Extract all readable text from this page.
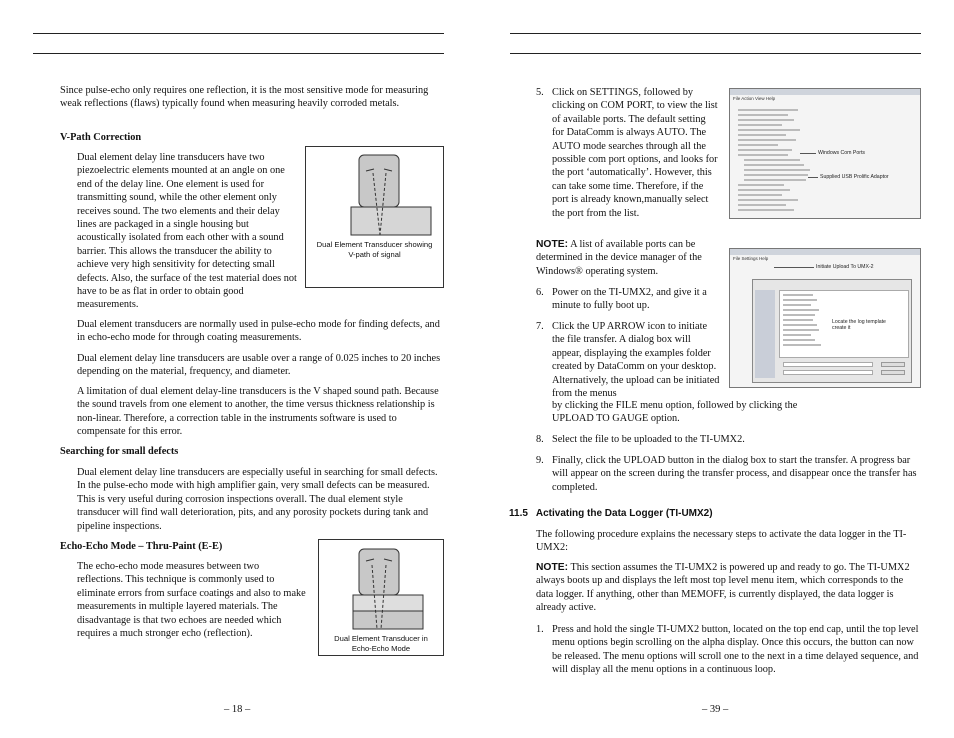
Since pulse-echo only requires one reflection, it is the most sensitive mode for measuring weak reflections (flaws) typically found when measuring heavily corroded metals.

V-Path Correction

Dual element delay line transducers have two piezoelectric elements mounted at an angle on one end of the delay line. One element is used for transmitting sound, while the other element only receives sound. The two elements and their delay lines are packaged in a single housing but acoustically isolated from each other with a sound barrier. This allows the transducer the ability to achieve very high sensitivity for detecting small defects. Also, the surface of the test material does not have to be as flat in order to obtain good measurements.

Dual Element Transducer showing
V-path of signal

Dual element transducers are normally used in pulse-echo mode for finding defects, and in echo-echo mode for through coating measurements.

Dual element delay line transducers are usable over a range of 0.025 inches to 20 inches depending on the material, frequency, and diameter.

A limitation of dual element delay-line transducers is the V shaped sound path. Because the sound travels from one element to another, the time versus thickness relationship is non-linear. Therefore, a correction table in the instruments software is used to compensate for this error.

Searching for small defects

Dual element delay line transducers are especially useful in searching for small defects. In the pulse-echo mode with high amplifier gain, very small defects can be measured. This is very useful during corrosion inspections overall. The dual element style transducer will find wall deterioration, pits, and any porosity pockets during tank and pipeline inspections.

Echo-Echo Mode – Thru-Paint (E-E)

The echo-echo mode measures between two reflections. This technique is commonly used to eliminate errors from surface coatings and also to make measurements in multiple layered materials. The disadvantage is that two echoes are needed which requires a much stronger echo (reflection).	Dual Element Transducer in
Echo-Echo Mode
– 18 –
5. Click on SETTINGS, followed by clicking on COM PORT, to view the list of available ports. The default setting for DataComm is always AUTO. The AUTO mode searches through all the possible com port options, and looks for the port ‘automatically’. However, this can take some time. Therefore, if the port is already known,manually select the port from the list.

File Action View Help
Windows Com Ports
Supplied USB Prolific Adaptor

NOTE: A list of available ports can be determined in the device manager of the Windows® operating system.

File Settings Help
Initiate Upload To UMX-2
Locate the log template
create it
6. Power on the TI-UMX2, and give it a minute to fully boot up.

7. Click the UP ARROW icon to initiate the file transfer. A dialog box will appear, displaying the examples folder created by DataComm on your desktop. Alternatively, the upload can be initiated from the menus

by clicking the FILE menu option, followed by clicking the UPLOAD TO GAUGE option.

8. Select the file to be uploaded to the TI-UMX2.

9. Finally, click the UPLOAD button in the dialog box to start the transfer. A progress bar will appear on the screen during the transfer process, and disappear once the transfer has completed.

11.5 Activating the Data Logger (TI-UMX2)

The following procedure explains the necessary steps to activate the data logger in the TI-UMX2:

NOTE: This section assumes the TI-UMX2 is powered up and ready to go. The TI-UMX2 always boots up and displays the left most top level menu item, which corresponds to the data logger. If anything, other than MEMOFF, is currently displayed, the data logger is already active.

1. Press and hold the single TI-UMX2 button, located on the top end cap, until the top level menu options begin scrolling on the alpha display. Once this occurs, the button can now be released. The menu options will scroll one to the next in a time delayed sequence, and will display all the menu options in a continuous loop.

– 39 –
